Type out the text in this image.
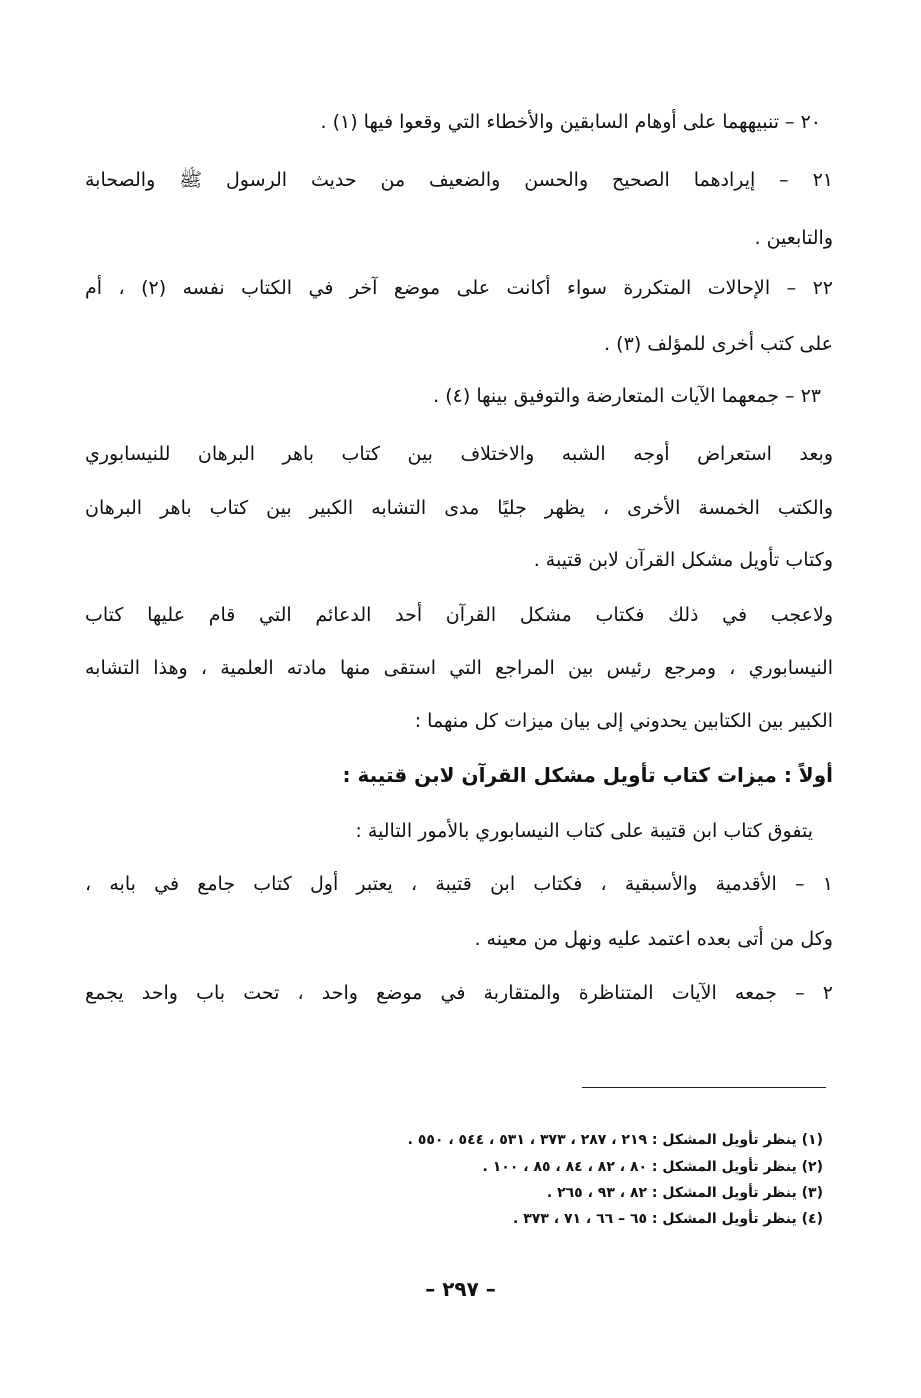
٢٠ – تنبيههما على أوهام السابقين والأخطاء التي وقعوا فيها (١) .
٢١ – إيرادهما الصحيح والحسن والضعيف من حديث الرسول ﷺ والصحابة
والتابعين .
٢٢ – الإحالات المتكررة سواء أكانت على موضع آخر في الكتاب نفسه (٢) ، أم
على كتب أخرى للمؤلف (٣) .
٢٣ – جمعهما الآيات المتعارضة والتوفيق بينها (٤) .
وبعد استعراض أوجه الشبه والاختلاف بين كتاب باهر البرهان للنيسابوري
والكتب الخمسة الأخرى ، يظهر جليًا مدى التشابه الكبير بين كتاب باهر البرهان
وكتاب تأويل مشكل القرآن لابن قتيبة .
ولاعجب في ذلك فكتاب مشكل القرآن أحد الدعائم التي قام عليها كتاب
النيسابوري ، ومرجع رئيس بين المراجع التي استقى منها مادته العلمية ، وهذا التشابه
الكبير بين الكتابين يحدوني إلى بيان ميزات كل منهما :
أولاً : ميزات كتاب تأويل مشكل القرآن لابن قتيبة :
يتفوق كتاب ابن قتيبة على كتاب النيسابوري بالأمور التالية :
١ – الأقدمية والأسبقية ، فكتاب ابن قتيبة ، يعتبر أول كتاب جامع في بابه ،
وكل من أتى بعده اعتمد عليه ونهل من معينه .
٢ – جمعه الآيات المتناظرة والمتقاربة في موضع واحد ، تحت باب واحد يجمع
(١) ينظر تأويل المشكل : ٢١٩ ، ٢٨٧ ، ٣٧٣ ، ٥٣١ ، ٥٤٤ ، ٥٥٠ .
(٢) ينظر تأويل المشكل : ٨٠ ، ٨٢ ، ٨٤ ، ٨٥ ، ١٠٠ .
(٣) ينظر تأويل المشكل : ٨٢ ، ٩٣ ، ٢٦٥ .
(٤) ينظر تأويل المشكل : ٦٥ – ٦٦ ، ٧١ ، ٣٧٣ .
– ٢٩٧ –
